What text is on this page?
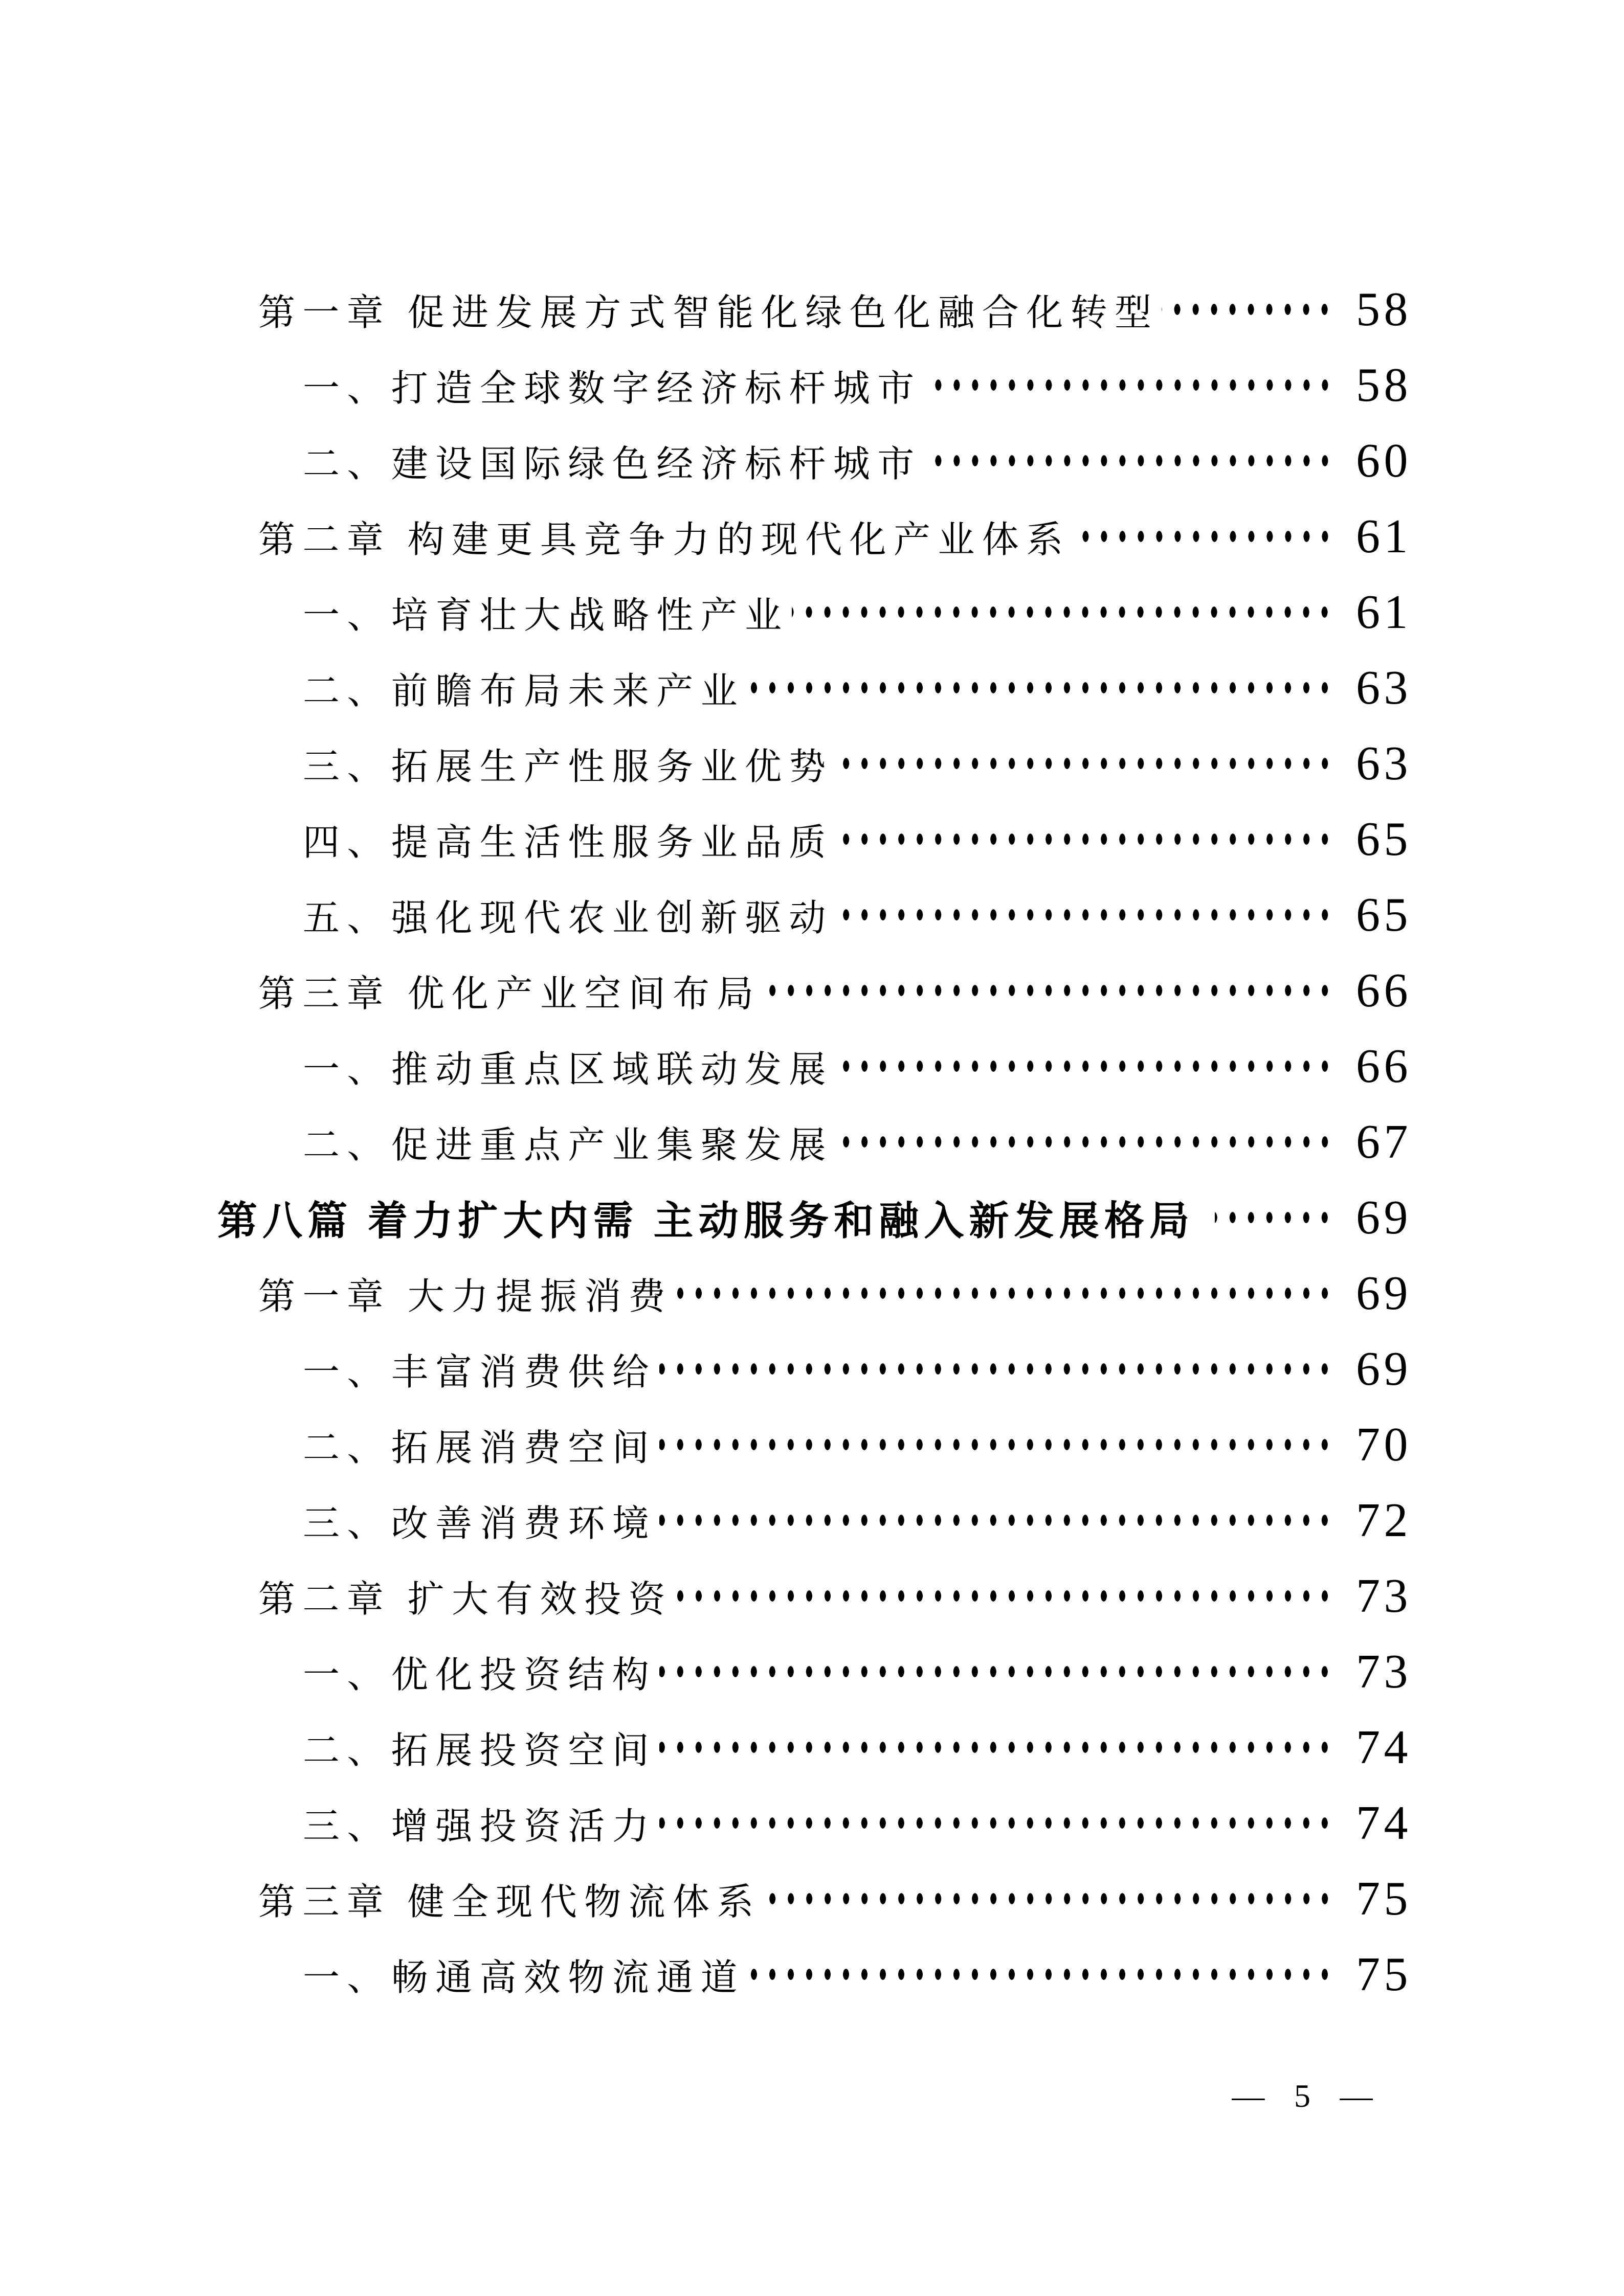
第一章 促进发展方式智能化绿色化融合化转型	58
一、打造全球数字经济标杆城市	58
二、建设国际绿色经济标杆城市	60
第二章 构建更具竞争力的现代化产业体系	61
一、培育壮大战略性产业	61
二、前瞻布局未来产业	63
三、拓展生产性服务业优势	63
四、提高生活性服务业品质	65
五、强化现代农业创新驱动	65
第三章 优化产业空间布局	66
一、推动重点区域联动发展	66
二、促进重点产业集聚发展	67
第八篇 着力扩大内需 主动服务和融入新发展格局	69
第一章 大力提振消费	69
一、丰富消费供给	69
二、拓展消费空间	70
三、改善消费环境	72
第二章 扩大有效投资	73
一、优化投资结构	73
二、拓展投资空间	74
三、增强投资活力	74
第三章 健全现代物流体系	75
一、畅通高效物流通道	75
— 5 —
